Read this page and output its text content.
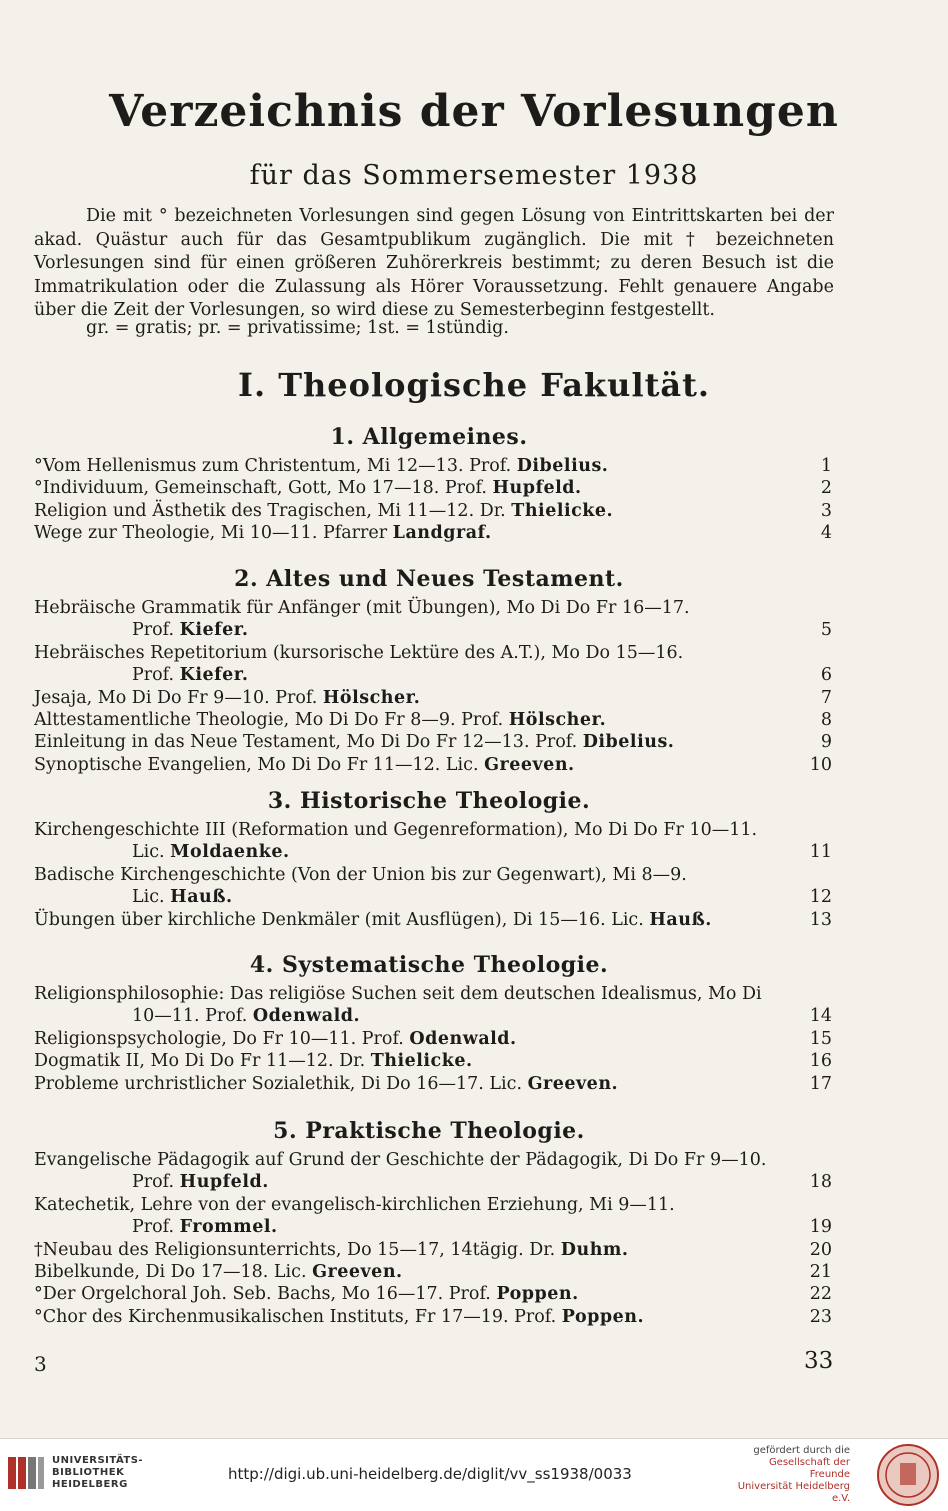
Verzeichnis der Vorlesungen
für das Sommersemester 1938

Die mit ° bezeichneten Vorlesungen sind gegen Lösung von Eintrittskarten bei der akad. Quästur auch für das Gesamtpublikum zugänglich. Die mit † bezeichneten Vorlesungen sind für einen größeren Zuhörerkreis bestimmt; zu deren Besuch ist die Immatrikulation oder die Zulassung als Hörer Voraussetzung. Fehlt genauere Angabe über die Zeit der Vorlesungen, so wird diese zu Semesterbeginn festgestellt.

gr. = gratis; pr. = privatissime; 1st. = 1stündig.
I. Theologische Fakultät.
3	33
1. Allgemeines.
°Vom Hellenismus zum Christentum, Mi 12—13. Prof. Dibelius.	1
°Individuum, Gemeinschaft, Gott, Mo 17—18. Prof. Hupfeld.	2
Religion und Ästhetik des Tragischen, Mi 11—12. Dr. Thielicke.	3
Wege zur Theologie, Mi 10—11. Pfarrer Landgraf.	4
2. Altes und Neues Testament.
Hebräische Grammatik für Anfänger (mit Übungen), Mo Di Do Fr 16—17.
Prof. Kiefer.	5
Hebräisches Repetitorium (kursorische Lektüre des A.T.), Mo Do 15—16.
Prof. Kiefer.	6
Jesaja, Mo Di Do Fr 9—10. Prof. Hölscher.	7
Alttestamentliche Theologie, Mo Di Do Fr 8—9. Prof. Hölscher.	8
Einleitung in das Neue Testament, Mo Di Do Fr 12—13. Prof. Dibelius.	9
Synoptische Evangelien, Mo Di Do Fr 11—12. Lic. Greeven.	10
3. Historische Theologie.
Kirchengeschichte III (Reformation und Gegenreformation), Mo Di Do Fr 10—11.
Lic. Moldaenke.	11
Badische Kirchengeschichte (Von der Union bis zur Gegenwart), Mi 8—9.
Lic. Hauß.	12
Übungen über kirchliche Denkmäler (mit Ausflügen), Di 15—16. Lic. Hauß.	13
4. Systematische Theologie.
Religionsphilosophie: Das religiöse Suchen seit dem deutschen Idealismus, Mo Di
10—11. Prof. Odenwald.	14
Religionspsychologie, Do Fr 10—11. Prof. Odenwald.	15
Dogmatik II, Mo Di Do Fr 11—12. Dr. Thielicke.	16
Probleme urchristlicher Sozialethik, Di Do 16—17. Lic. Greeven.	17
5. Praktische Theologie.
Evangelische Pädagogik auf Grund der Geschichte der Pädagogik, Di Do Fr 9—10.
Prof. Hupfeld.	18
Katechetik, Lehre von der evangelisch-kirchlichen Erziehung, Mi 9—11.
Prof. Frommel.	19
†Neubau des Religionsunterrichts, Do 15—17, 14tägig. Dr. Duhm.	20
Bibelkunde, Di Do 17—18. Lic. Greeven.	21
°Der Orgelchoral Joh. Seb. Bachs, Mo 16—17. Prof. Poppen.	22
°Chor des Kirchenmusikalischen Instituts, Fr 17—19. Prof. Poppen.	23
UNIVERSITÄTS-
BIBLIOTHEK
HEIDELBERG
http://digi.ub.uni-heidelberg.de/diglit/vv_ss1938/0033
gefördert durch die
Gesellschaft der Freunde
Universität Heidelberg e.V.
